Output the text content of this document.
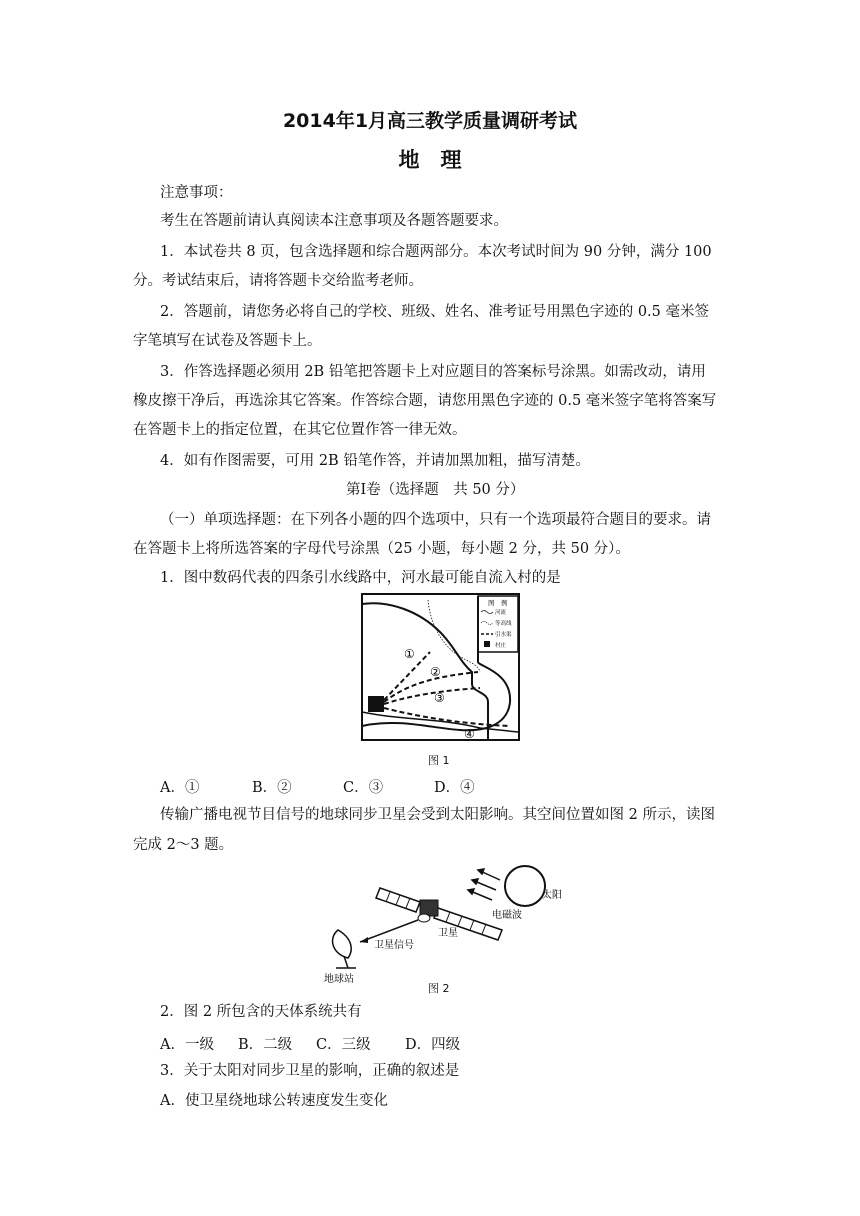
2014年1月高三教学质量调研考试
地　理
注意事项：
考生在答题前请认真阅读本注意事项及各题答题要求。
1．本试卷共 8 页，包含选择题和综合题两部分。本次考试时间为 90 分钟，满分 100
分。考试结束后，请将答题卡交给监考老师。
2．答题前，请您务必将自己的学校、班级、姓名、准考证号用黑色字迹的 0.5 毫米签
字笔填写在试卷及答题卡上。
3．作答选择题必须用 2B 铅笔把答题卡上对应题目的答案标号涂黑。如需改动，请用
橡皮擦干净后，再选涂其它答案。作答综合题，请您用黑色字迹的 0.5 毫米签字笔将答案写
在答题卡上的指定位置，在其它位置作答一律无效。
4．如有作图需要，可用 2B 铅笔作答，并请加黑加粗，描写清楚。
第Ⅰ卷（选择题　共 50 分）
（一）单项选择题：在下列各小题的四个选项中，只有一个选项最符合题目的要求。请
在答题卡上将所选答案的字母代号涂黑（25 小题，每小题 2 分，共 50 分）。
1．图中数码代表的四条引水线路中，河水最可能自流入村的是
图　例
河流
等高线
引水渠
村庄
①
②
③
④
图 1
A．①	B．②	C．③	D．④
传输广播电视节目信号的地球同步卫星会受到太阳影响。其空间位置如图 2 所示，读图
完成 2～3 题。
太阳
电磁波
卫星
卫星信号
地球站
图 2
2．图 2 所包含的天体系统共有
A．一级 B．二级 C．三级 D．四级
3．关于太阳对同步卫星的影响，正确的叙述是
A．使卫星绕地球公转速度发生变化
